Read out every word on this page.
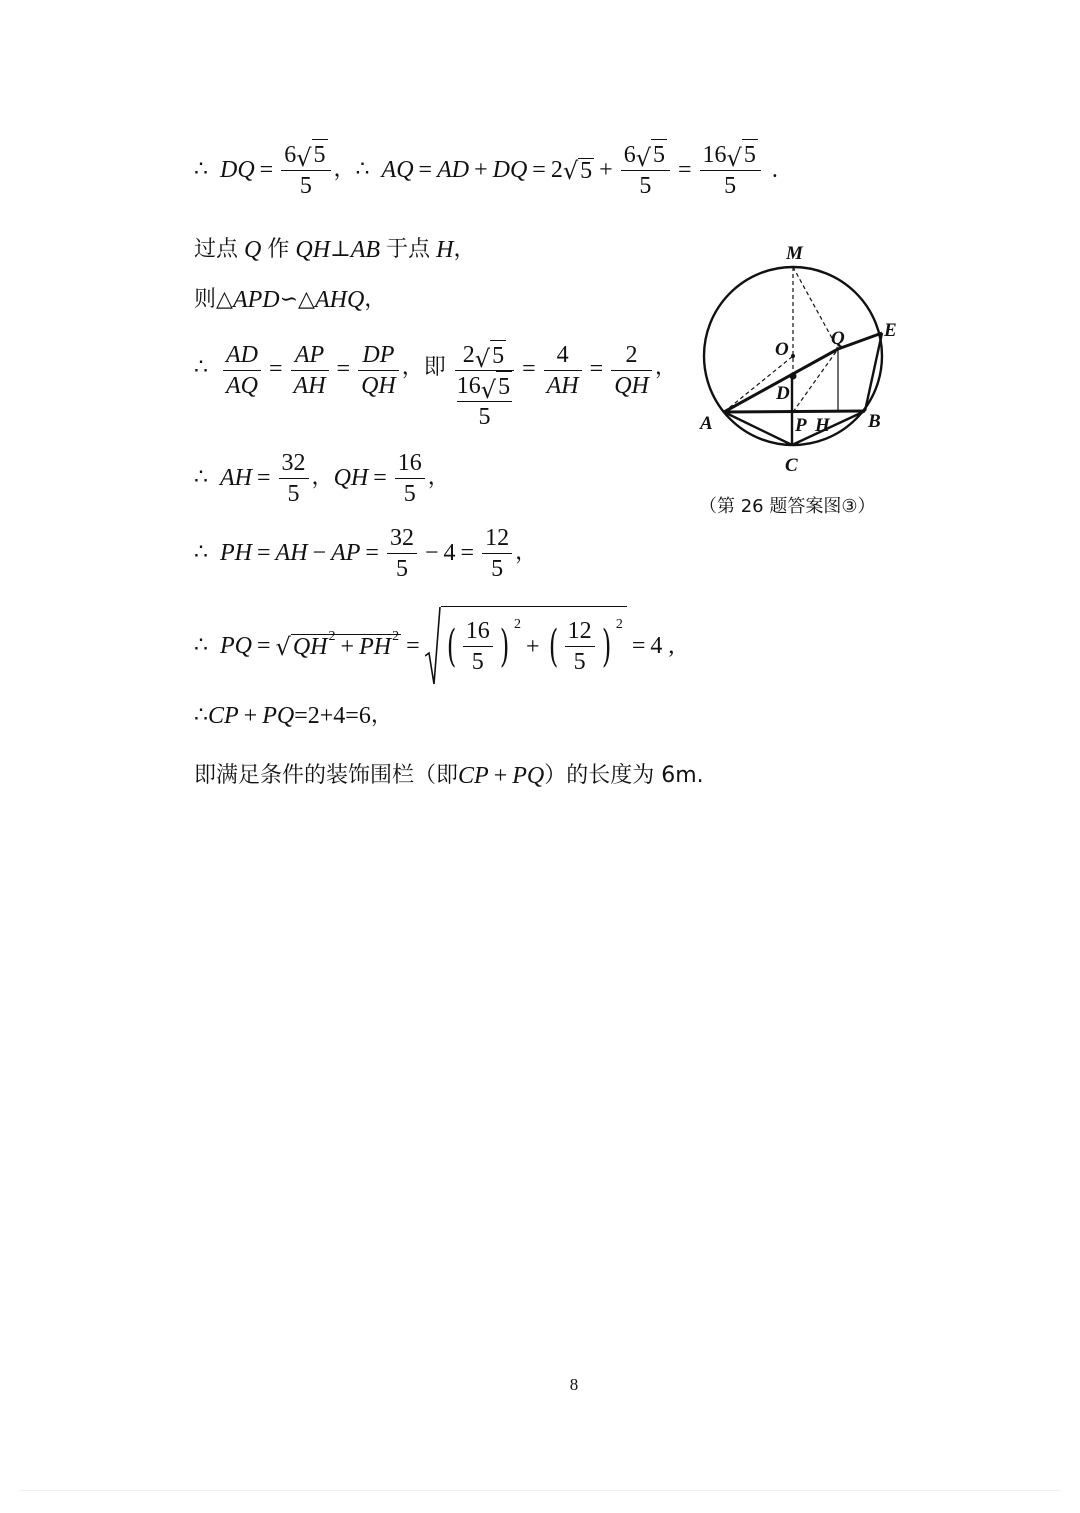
∴ DQ = $\frac{6 √ 5}{5}$ ， ∴ AQ = AD + DQ = 2 √ $5 + \frac{6 √ 5}{5} = \frac{16 √ 5}{5}$ .
过点 Q 作 QH ⊥ AB 于点 H ，
则 △ APD ∽ △ AHQ ，
∴ $\frac{AD}{AQ} = \frac{AP}{AH} = \frac{DP}{QH}$ ， 即 2 √ 5
16 √ 5
$5 = \frac{4}{AH} = \frac{2}{QH}$ ，
∴ AH = $\frac{32}{5}$ ， QH = $\frac{16}{5}$ ，
∴ PH = AH − AP = $\frac{32}{5} - 4 = \frac{12}{5}$ ，
∴ PQ = √ QH 2 + PH 2 = ( $\frac{16}{5}$ ) 2
+ ( $\frac{12}{5}$ ) 2
= 4 ,
∴ CP + PQ =2+4=6 ，
即满足条件的装饰围栏（即 CP + PQ ）的长度为 6m.
M
E
O
Q
D
A	P H B
C
（第 26 题答案图③）
8
